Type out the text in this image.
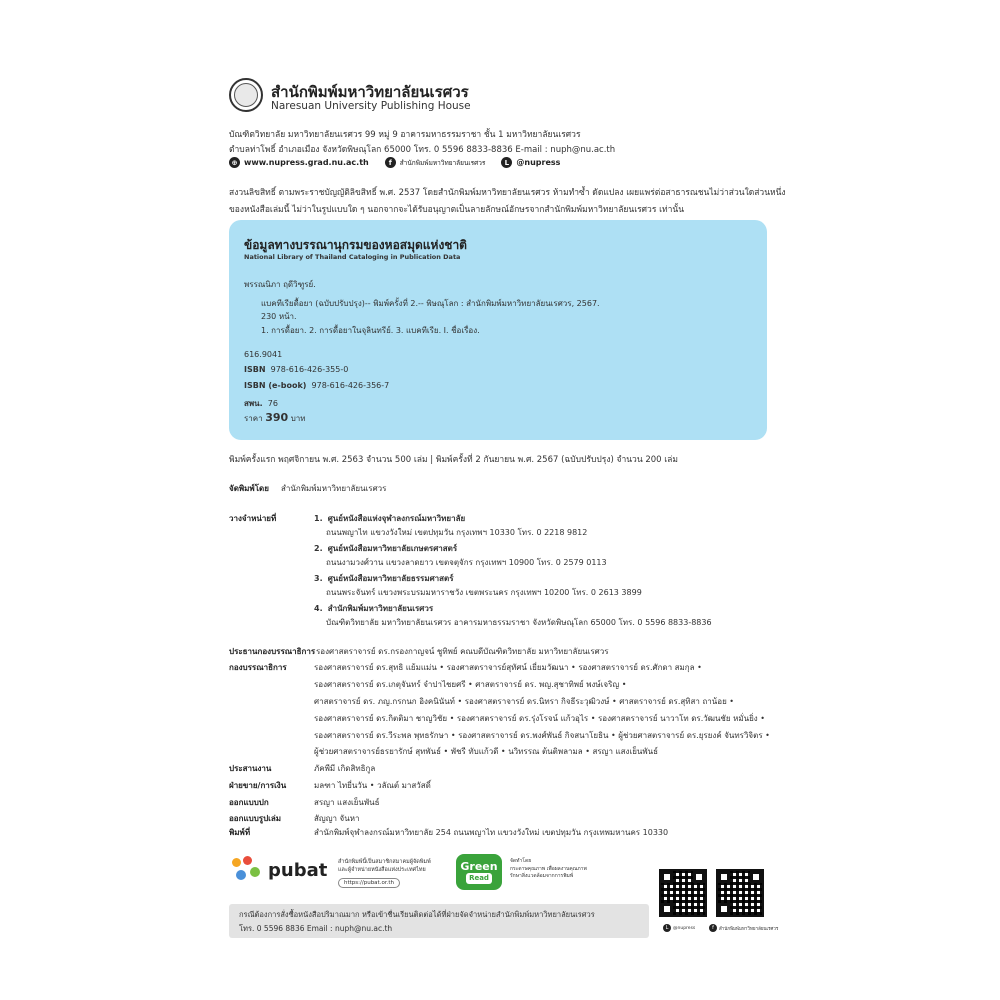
สำนักพิมพ์มหาวิทยาลัยนเรศวร
Naresuan University Publishing House
บัณฑิตวิทยาลัย มหาวิทยาลัยนเรศวร 99 หมู่ 9 อาคารมหาธรรมราชา ชั้น 1 มหาวิทยาลัยนเรศวร
ตำบลท่าโพธิ์ อำเภอเมือง จังหวัดพิษณุโลก 65000 โทร. 0 5596 8833-8836 E-mail : nuph@nu.ac.th
⊕ www.nupress.grad.nu.ac.th	f	สำนักพิมพ์มหาวิทยาลัยนเรศวร	L @nupress
สงวนลิขสิทธิ์ ตามพระราชบัญญัติลิขสิทธิ์ พ.ศ. 2537 โดยสำนักพิมพ์มหาวิทยาลัยนเรศวร ห้ามทำซ้ำ ดัดแปลง เผยแพร่ต่อสาธารณชนไม่ว่าส่วนใดส่วนหนึ่ง
ของหนังสือเล่มนี้ ไม่ว่าในรูปแบบใด ๆ นอกจากจะได้รับอนุญาตเป็นลายลักษณ์อักษรจากสำนักพิมพ์มหาวิทยาลัยนเรศวร เท่านั้น
ข้อมูลทางบรรณานุกรมของหอสมุดแห่งชาติ
National Library of Thailand Cataloging in Publication Data
พรรณนิภา ฤดีวิฑูรย์.
แบคทีเรียดื้อยา (ฉบับปรับปรุง)-- พิมพ์ครั้งที่ 2.-- พิษณุโลก : สำนักพิมพ์มหาวิทยาลัยนเรศวร, 2567.
230 หน้า.
1. การดื้อยา. 2. การดื้อยาในจุลินทรีย์. 3. แบคทีเรีย. I. ชื่อเรื่อง.
616.9041
ISBN 978-616-426-355-0
ISBN (e-book) 978-616-426-356-7
สพน. 76
ราคา 390 บาท
พิมพ์ครั้งแรก พฤศจิกายน พ.ศ. 2563 จำนวน 500 เล่ม | พิมพ์ครั้งที่ 2 กันยายน พ.ศ. 2567 (ฉบับปรับปรุง) จำนวน 200 เล่ม
จัดพิมพ์โดย สำนักพิมพ์มหาวิทยาลัยนเรศวร
วางจำหน่ายที่	1. ศูนย์หนังสือแห่งจุฬาลงกรณ์มหาวิทยาลัย
ถนนพญาไท แขวงวังใหม่ เขตปทุมวัน กรุงเทพฯ 10330 โทร. 0 2218 9812
2. ศูนย์หนังสือมหาวิทยาลัยเกษตรศาสตร์
ถนนงามวงศ์วาน แขวงลาดยาว เขตจตุจักร กรุงเทพฯ 10900 โทร. 0 2579 0113
3. ศูนย์หนังสือมหาวิทยาลัยธรรมศาสตร์
ถนนพระจันทร์ แขวงพระบรมมหาราชวัง เขตพระนคร กรุงเทพฯ 10200 โทร. 0 2613 3899
4. สำนักพิมพ์มหาวิทยาลัยนเรศวร
บัณฑิตวิทยาลัย มหาวิทยาลัยนเรศวร อาคารมหาธรรมราชา จังหวัดพิษณุโลก 65000 โทร. 0 5596 8833-8836
ประธานกองบรรณาธิการ รองศาสตราจารย์ ดร.กรองกาญจน์ ชูทิพย์ คณบดีบัณฑิตวิทยาลัย มหาวิทยาลัยนเรศวร
กองบรรณาธิการ	รองศาสตราจารย์ ดร.สุทธิ แย้มแม่น • รองศาสตราจารย์สุทัศน์ เยี่ยมวัฒนา • รองศาสตราจารย์ ดร.ศักดา สมกุล •
รองศาสตราจารย์ ดร.เกตุจันทร์ จำปาไชยศรี • ศาสตราจารย์ ดร. พญ.สุชาทิพย์ พงษ์เจริญ •
ศาสตราจารย์ ดร. ภญ.กรกนก อิงคนินันท์ • รองศาสตราจารย์ ดร.นิทรา กิจธีระวุฒิวงษ์ • ศาสตราจารย์ ดร.สุทิสา ถาน้อย •
รองศาสตราจารย์ ดร.กิตติมา ชาญวิชัย • รองศาสตราจารย์ ดร.รุ่งโรจน์ แก้วอุไร • รองศาสตราจารย์ นาวาโท ดร.วัฒนชัย หมั่นยิ่ง •
รองศาสตราจารย์ ดร.วีระพล พุทธรักษา • รองศาสตราจารย์ ดร.พงศ์พันธ์ กิจสนาโยธิน • ผู้ช่วยศาสตราจารย์ ดร.ยุรยงค์ จันทรวิจิตร •
ผู้ช่วยศาสตราจารย์ธรยารักษ์ สุทพันธ์ • พัชรี ทับแก้วดี • นวิทรรณ ต้นติพลามล • สรญา แสงเย็นพันธ์
ประสานงาน	ภัคพีมี เกิดสิทธิกูล
ฝ่ายขาย/การเงิน	มลฑา ไทยี่นวัน • วลัณต์ มาสวัสดิ์
ออกแบบปก	สรญา แสงเย็นพันธ์
ออกแบบรูปเล่ม	สัญญา จันหา
พิมพ์ที่	สำนักพิมพ์จุฬาลงกรณ์มหาวิทยาลัย 254 ถนนพญาไท แขวงวังใหม่ เขตปทุมวัน กรุงเทพมหานคร 10330
pubat สำนักพิมพ์นี้เป็นสมาชิกสมาคมผู้จัดพิมพ์
และผู้จำหน่ายหนังสือแห่งประเทศไทย
https://pubat.or.th
Green
Read
จัดทำโดย
กระดาษคุณภาพ เพื่อผลงานคุณภาพ
รักษาสิ่งแวดล้อมจากการพิมพ์
L	@nupress	f	สำนักพิมพ์มหาวิทยาลัยนเรศวร
กรณีต้องการสั่งซื้อหนังสือปริมาณมาก หรือเข้าชื่นเรียนติดต่อได้ที่ฝ่ายจัดจำหน่ายสำนักพิมพ์มหาวิทยาลัยนเรศวร
โทร. 0 5596 8836 Email : nuph@nu.ac.th
